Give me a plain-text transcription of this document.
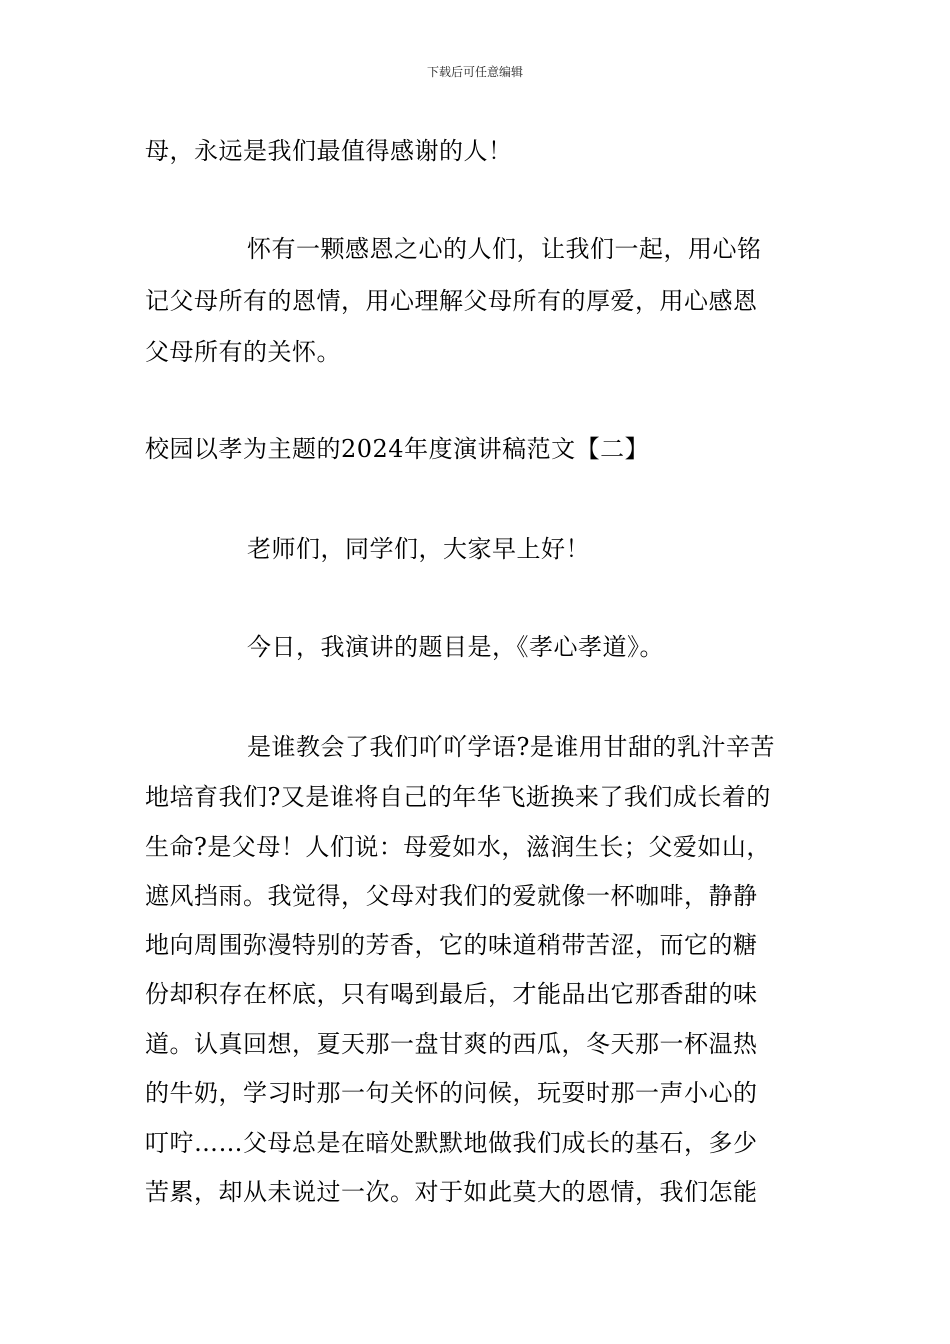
下载后可任意编辑
母，永远是我们最值得感谢的人！
怀有一颗感恩之心的人们，让我们一起，用心铭
记父母所有的恩情，用心理解父母所有的厚爱，用心感恩
父母所有的关怀。
校园以孝为主题的2024年度演讲稿范文【二】
老师们，同学们，大家早上好！
今日，我演讲的题目是，《孝心孝道》。
是谁教会了我们吖吖学语?是谁用甘甜的乳汁辛苦
地培育我们?又是谁将自己的年华飞逝换来了我们成长着的
生命?是父母！人们说：母爱如水，滋润生长；父爱如山，
遮风挡雨。我觉得，父母对我们的爱就像一杯咖啡，静静
地向周围弥漫特别的芳香，它的味道稍带苦涩，而它的糖
份却积存在杯底，只有喝到最后，才能品出它那香甜的味
道。认真回想，夏天那一盘甘爽的西瓜，冬天那一杯温热
的牛奶，学习时那一句关怀的问候，玩耍时那一声小心的
叮咛……父母总是在暗处默默地做我们成长的基石，多少
苦累，却从未说过一次。对于如此莫大的恩情，我们怎能
